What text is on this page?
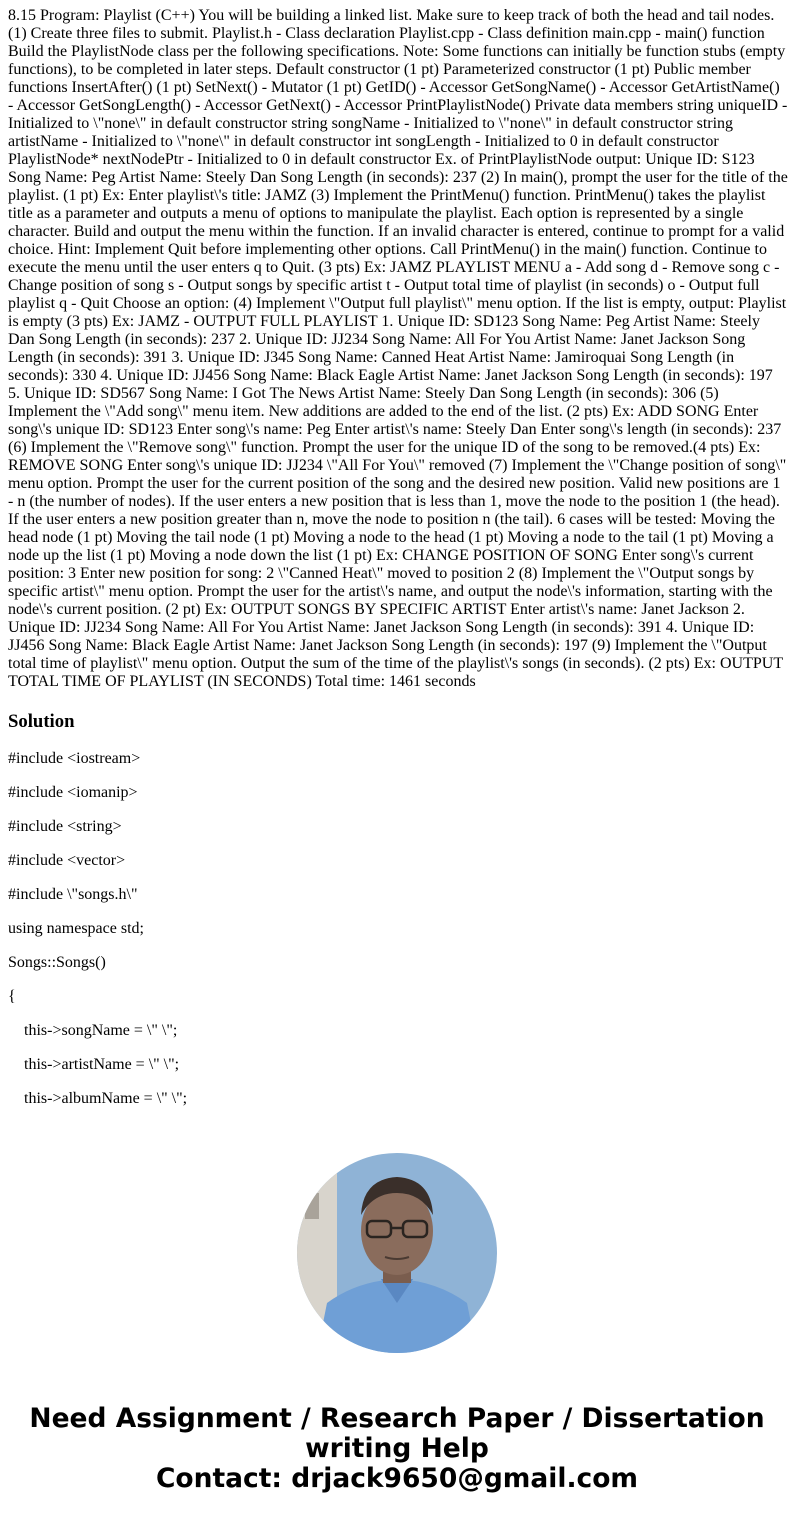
8.15 Program: Playlist (C++) You will be building a linked list. Make sure to keep track of both the head and tail nodes. (1) Create three files to submit. Playlist.h - Class declaration Playlist.cpp - Class definition main.cpp - main() function Build the PlaylistNode class per the following specifications. Note: Some functions can initially be function stubs (empty functions), to be completed in later steps. Default constructor (1 pt) Parameterized constructor (1 pt) Public member functions InsertAfter() (1 pt) SetNext() - Mutator (1 pt) GetID() - Accessor GetSongName() - Accessor GetArtistName() - Accessor GetSongLength() - Accessor GetNext() - Accessor PrintPlaylistNode() Private data members string uniqueID - Initialized to \"none\" in default constructor string songName - Initialized to \"none\" in default constructor string artistName - Initialized to \"none\" in default constructor int songLength - Initialized to 0 in default constructor PlaylistNode* nextNodePtr - Initialized to 0 in default constructor Ex. of PrintPlaylistNode output: Unique ID: S123 Song Name: Peg Artist Name: Steely Dan Song Length (in seconds): 237 (2) In main(), prompt the user for the title of the playlist. (1 pt) Ex: Enter playlist\'s title: JAMZ (3) Implement the PrintMenu() function. PrintMenu() takes the playlist title as a parameter and outputs a menu of options to manipulate the playlist. Each option is represented by a single character. Build and output the menu within the function. If an invalid character is entered, continue to prompt for a valid choice. Hint: Implement Quit before implementing other options. Call PrintMenu() in the main() function. Continue to execute the menu until the user enters q to Quit. (3 pts) Ex: JAMZ PLAYLIST MENU a - Add song d - Remove song c - Change position of song s - Output songs by specific artist t - Output total time of playlist (in seconds) o - Output full playlist q - Quit Choose an option: (4) Implement \"Output full playlist\" menu option. If the list is empty, output: Playlist is empty (3 pts) Ex: JAMZ - OUTPUT FULL PLAYLIST 1. Unique ID: SD123 Song Name: Peg Artist Name: Steely Dan Song Length (in seconds): 237 2. Unique ID: JJ234 Song Name: All For You Artist Name: Janet Jackson Song Length (in seconds): 391 3. Unique ID: J345 Song Name: Canned Heat Artist Name: Jamiroquai Song Length (in seconds): 330 4. Unique ID: JJ456 Song Name: Black Eagle Artist Name: Janet Jackson Song Length (in seconds): 197 5. Unique ID: SD567 Song Name: I Got The News Artist Name: Steely Dan Song Length (in seconds): 306 (5) Implement the \"Add song\" menu item. New additions are added to the end of the list. (2 pts) Ex: ADD SONG Enter song\'s unique ID: SD123 Enter song\'s name: Peg Enter artist\'s name: Steely Dan Enter song\'s length (in seconds): 237 (6) Implement the \"Remove song\" function. Prompt the user for the unique ID of the song to be removed.(4 pts) Ex: REMOVE SONG Enter song\'s unique ID: JJ234 \"All For You\" removed (7) Implement the \"Change position of song\" menu option. Prompt the user for the current position of the song and the desired new position. Valid new positions are 1 - n (the number of nodes). If the user enters a new position that is less than 1, move the node to the position 1 (the head). If the user enters a new position greater than n, move the node to position n (the tail). 6 cases will be tested: Moving the head node (1 pt) Moving the tail node (1 pt) Moving a node to the head (1 pt) Moving a node to the tail (1 pt) Moving a node up the list (1 pt) Moving a node down the list (1 pt) Ex: CHANGE POSITION OF SONG Enter song\'s current position: 3 Enter new position for song: 2 \"Canned Heat\" moved to position 2 (8) Implement the \"Output songs by specific artist\" menu option. Prompt the user for the artist\'s name, and output the node\'s information, starting with the node\'s current position. (2 pt) Ex: OUTPUT SONGS BY SPECIFIC ARTIST Enter artist\'s name: Janet Jackson 2. Unique ID: JJ234 Song Name: All For You Artist Name: Janet Jackson Song Length (in seconds): 391 4. Unique ID: JJ456 Song Name: Black Eagle Artist Name: Janet Jackson Song Length (in seconds): 197 (9) Implement the \"Output total time of playlist\" menu option. Output the sum of the time of the playlist\'s songs (in seconds). (2 pts) Ex: OUTPUT TOTAL TIME OF PLAYLIST (IN SECONDS) Total time: 1461 seconds

Solution
#include <iostream>
#include <iomanip>
#include <string>
#include <vector>
#include \"songs.h\"
using namespace std;
Songs::Songs()
{
this->songName = \" \";
this->artistName = \" \";
this->albumName = \" \";
Need Assignment / Research Paper / Dissertation
writing Help
Contact: drjack9650@gmail.com
